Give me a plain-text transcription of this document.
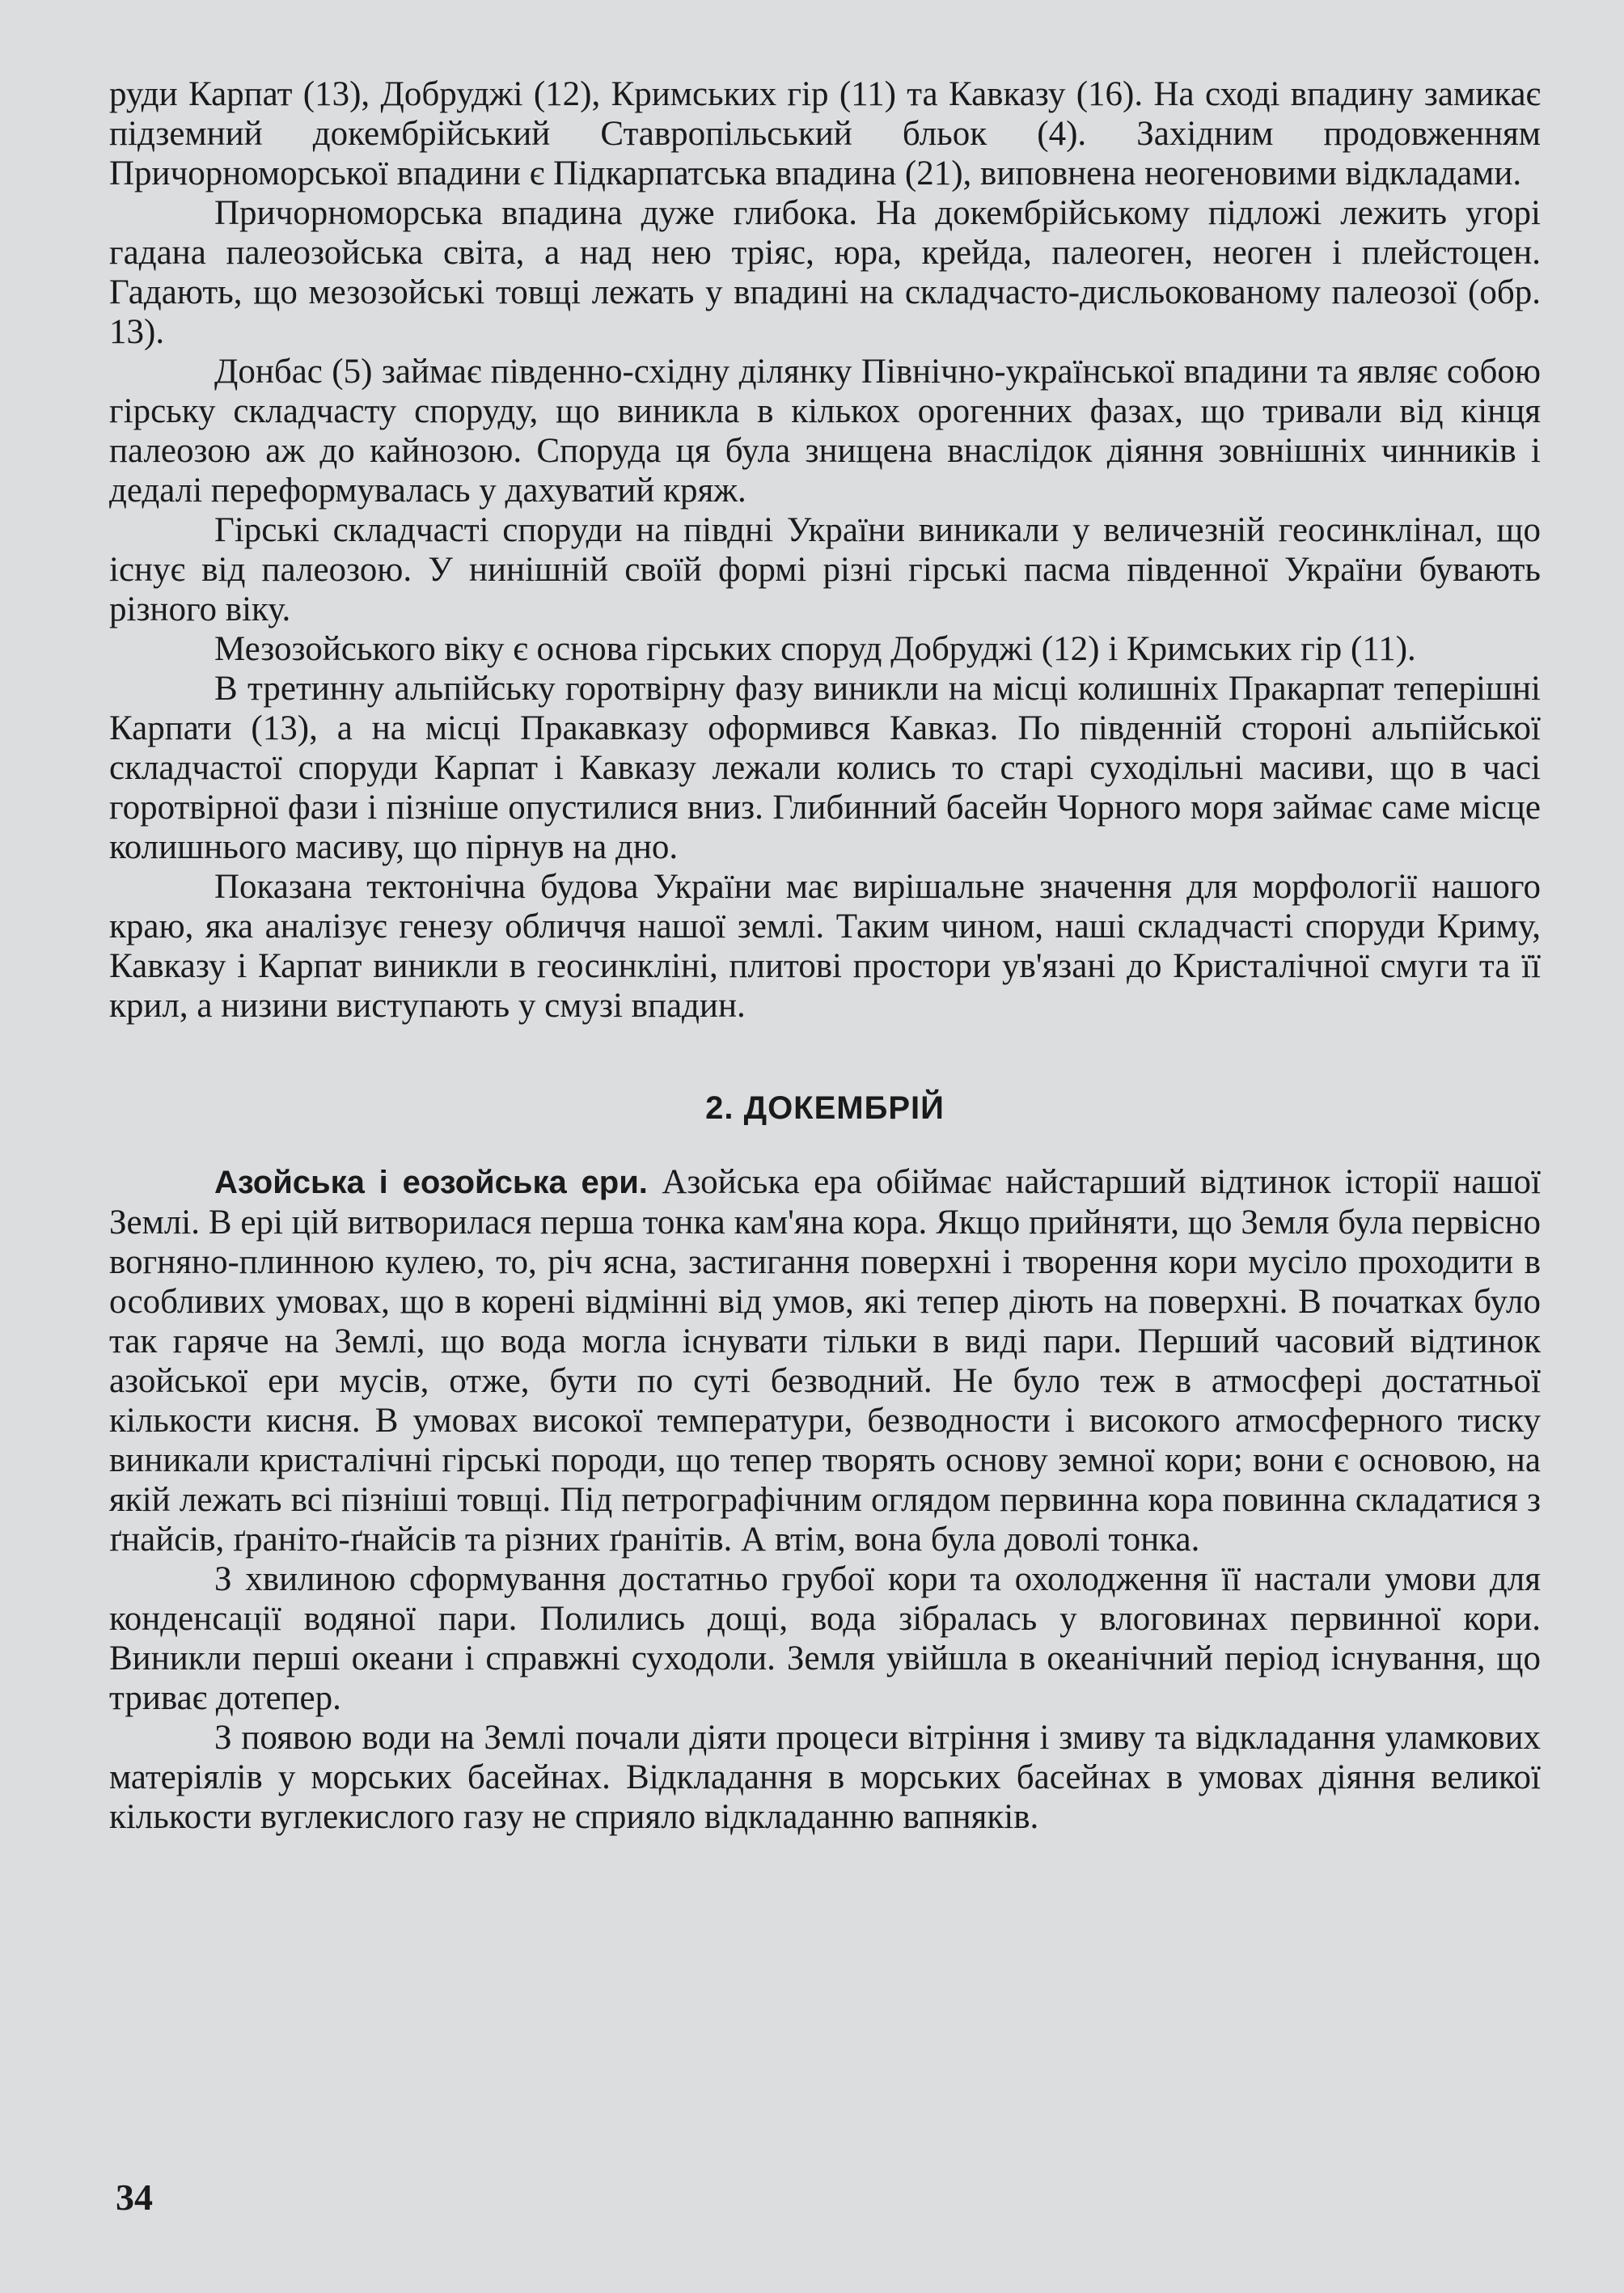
руди Карпат (13), Добруджі (12), Кримських гір (11) та Кавказу (16). На сході впадину замикає підземний докембрійський Ставропільський бльок (4). Західним продовженням Причорноморської впадини є Підкарпатська впадина (21), виповнена неогеновими відкладами.

Причорноморська впадина дуже глибока. На докембрійському підложі лежить угорі гадана палеозойська світа, а над нею тріяс, юра, крейда, палеоген, неоген і плейстоцен. Гадають, що мезозойські товщі лежать у впадині на складчасто-дисльокованому палеозої (обр. 13).

Донбас (5) займає південно-східну ділянку Північно-української впадини та являє собою гірську складчасту споруду, що виникла в кількох орогенних фазах, що тривали від кінця палеозою аж до кайнозою. Споруда ця була знищена внаслідок діяння зовнішніх чинників і дедалі переформувалась у дахуватий кряж.

Гірські складчасті споруди на півдні України виникали у величезній геосинклінал, що існує від палеозою. У нинішній своїй формі різні гірські пасма південної України бувають різного віку.

Мезозойського віку є основа гірських споруд Добруджі (12) і Кримських гір (11).

В третинну альпійську горотвірну фазу виникли на місці колишніх Пракарпат теперішні Карпати (13), а на місці Пракавказу оформився Кавказ. По південній стороні альпійської складчастої споруди Карпат і Кавказу лежали колись то старі суходільні масиви, що в часі горотвірної фази і пізніше опустилися вниз. Глибинний басейн Чорного моря займає саме місце колишнього масиву, що пірнув на дно.

Показана тектонічна будова України має вирішальне значення для морфології нашого краю, яка аналізує генезу обличчя нашої землі. Таким чином, наші складчасті споруди Криму, Кавказу і Карпат виникли в геосинкліні, плитові простори ув'язані до Кристалічної смуги та її крил, а низини виступають у смузі впадин.

2. ДОКЕМБРІЙ

Азойська і еозойська ери. Азойська ера обіймає найстарший відтинок історії нашої Землі. В ері цій витворилася перша тонка кам'яна кора. Якщо прийняти, що Земля була первісно вогняно-плинною кулею, то, річ ясна, застигання поверхні і творення кори мусіло проходити в особливих умовах, що в корені відмінні від умов, які тепер діють на поверхні. В початках було так гаряче на Землі, що вода могла існувати тільки в виді пари. Перший часовий відтинок азойської ери мусів, отже, бути по суті безводний. Не було теж в атмосфері достатньої кількости кисня. В умовах високої температури, безводности і високого атмосферного тиску виникали кристалічні гірські породи, що тепер творять основу земної кори; вони є основою, на якій лежать всі пізніші товщі. Під петрографічним оглядом первинна кора повинна складатися з ґнайсів, ґраніто-ґнайсів та різних ґранітів. А втім, вона була доволі тонка.

З хвилиною сформування достатньо грубої кори та охолодження її настали умови для конденсації водяної пари. Полились дощі, вода зібралась у влоговинах первинної кори. Виникли перші океани і справжні суходоли. Земля увійшла в океанічний період існування, що триває дотепер.

З появою води на Землі почали діяти процеси вітріння і змиву та відкладання уламкових матеріялів у морських басейнах. Відкладання в морських басейнах в умовах діяння великої кількости вуглекислого газу не сприяло відкладанню вапняків.

34
